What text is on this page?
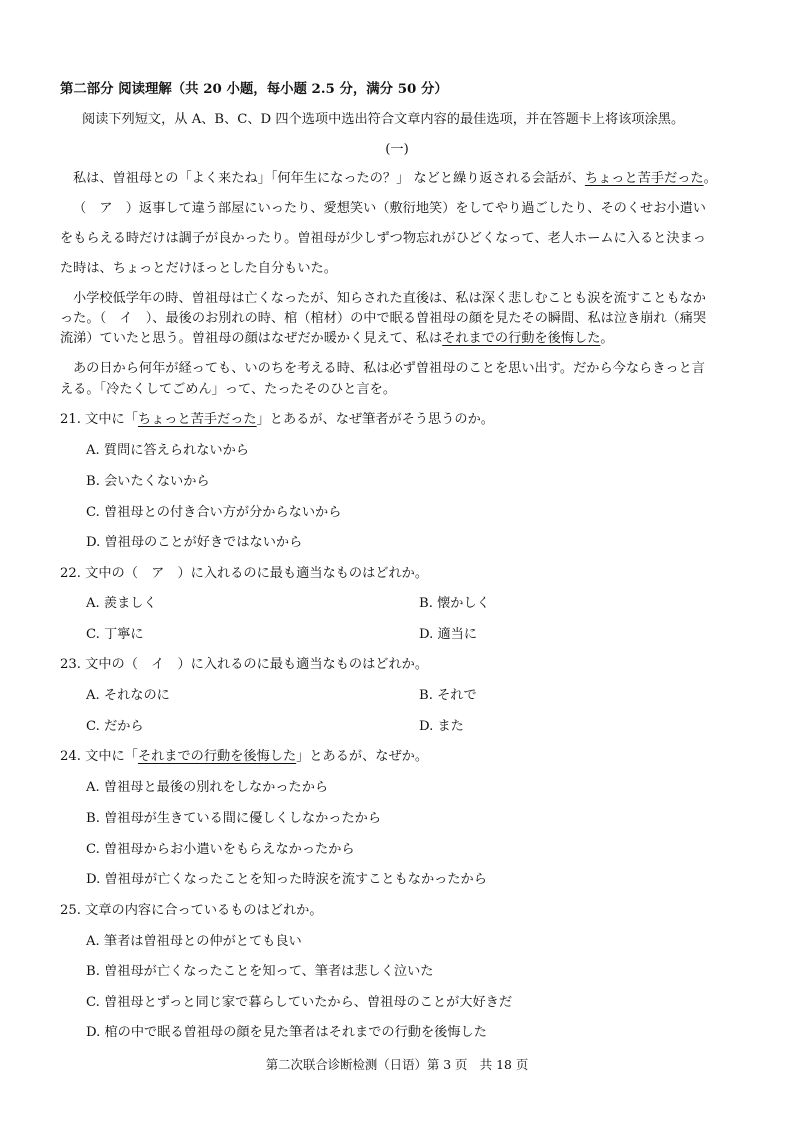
第二部分 阅读理解（共 20 小题，每小题 2.5 分，满分 50 分）
阅读下列短文，从 A、B、C、D 四个选项中选出符合文章内容的最佳选项，并在答题卡上将该项涂黑。
(一)
私は、曽祖母との「よく来たね」「何年生になったの？」 などと繰り返される会話が、ちょっと苦手だった。
（　ア　）返事して違う部屋にいったり、愛想笑い（敷衍地笑）をしてやり過ごしたり、そのくせお小遣い
をもらえる時だけは調子が良かったり。曽祖母が少しずつ物忘れがひどくなって、老人ホームに入ると決まっ
た時は、ちょっとだけほっとした自分もいた。
小学校低学年の時、曽祖母は亡くなったが、知らされた直後は、私は深く悲しむことも涙を流すこともなか
った。（　イ　）、最後のお別れの時、棺（棺材）の中で眠る曽祖母の顔を見たその瞬間、私は泣き崩れ（痛哭
流涕）ていたと思う。曽祖母の顔はなぜだか暖かく見えて、私はそれまでの行動を後悔した。
あの日から何年が経っても、いのちを考える時、私は必ず曽祖母のことを思い出す。だから今ならきっと言
える。「冷たくしてごめん」って、たったそのひと言を。
21. 文中に「ちょっと苦手だった」とあるが、なぜ筆者がそう思うのか。
A. 質問に答えられないから
B. 会いたくないから
C. 曽祖母との付き合い方が分からないから
D. 曽祖母のことが好きではないから
22. 文中の（　ア　）に入れるのに最も適当なものはどれか。
A. 羨ましく	B. 懐かしく
C. 丁寧に	D. 適当に
23. 文中の（　イ　）に入れるのに最も適当なものはどれか。
A. それなのに	B. それで
C. だから	D. また
24. 文中に「それまでの行動を後悔した」とあるが、なぜか。
A. 曽祖母と最後の別れをしなかったから
B. 曽祖母が生きている間に優しくしなかったから
C. 曽祖母からお小遣いをもらえなかったから
D. 曽祖母が亡くなったことを知った時涙を流すこともなかったから
25. 文章の内容に合っているものはどれか。
A. 筆者は曽祖母との仲がとても良い
B. 曽祖母が亡くなったことを知って、筆者は悲しく泣いた
C. 曽祖母とずっと同じ家で暮らしていたから、曽祖母のことが大好きだ
D. 棺の中で眠る曽祖母の顔を見た筆者はそれまでの行動を後悔した
第二次联合诊断检测（日语）第 3 页　共 18 页
